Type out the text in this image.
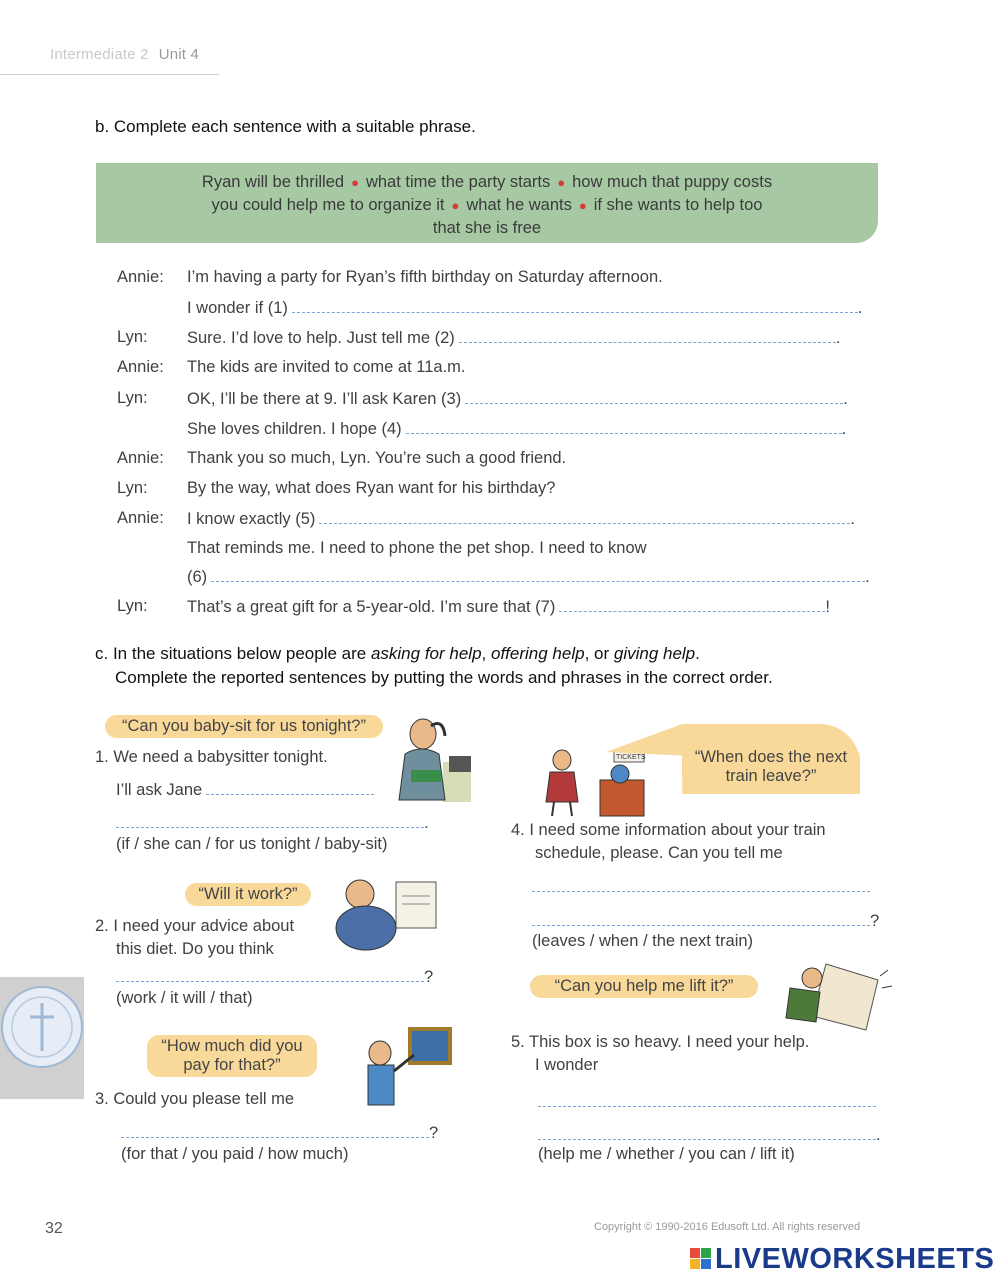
Intermediate 2 Unit 4
b. Complete each sentence with a suitable phrase.
Ryan will be thrilled ● what time the party starts ● how much that puppy costs
you could help me to organize it ● what he wants ● if she wants to help too
that she is free
Annie: I’m having a party for Ryan’s fifth birthday on Saturday afternoon.
I wonder if (1)	.
Lyn: Sure. I’d love to help. Just tell me (2)	.
Annie: The kids are invited to come at 11a.m.
Lyn: OK, I’ll be there at 9. I’ll ask Karen (3)	.
She loves children. I hope (4)	.
Annie: Thank you so much, Lyn. You’re such a good friend.
Lyn: By the way, what does Ryan want for his birthday?
Annie: I know exactly (5)	.
That reminds me. I need to phone the pet shop. I need to know
(6)	.
Lyn: That’s a great gift for a 5-year-old. I’m sure that (7)	!
c. In the situations below people are asking for help, offering help, or giving help.
Complete the reported sentences by putting the words and phrases in the correct order.
“Can you baby-sit for us tonight?”
1. We need a babysitter tonight.
I’ll ask Jane
.
(if / she can / for us tonight / baby-sit)
“Will it work?”
2. I need your advice about
this diet. Do you think
?
(work / it will / that)
“How much did you pay for that?”
3. Could you please tell me
?
(for that / you paid / how much)
TICKETS	“When does the next train leave?”
4. I need some information about your train
schedule, please. Can you tell me
?
(leaves / when / the next train)
“Can you help me lift it?”
5. This box is so heavy. I need your help.
I wonder
.
(help me / whether / you can / lift it)
32	Copyright © 1990-2016 Edusoft Ltd. All rights reserved
LIVEWORKSHEETS
